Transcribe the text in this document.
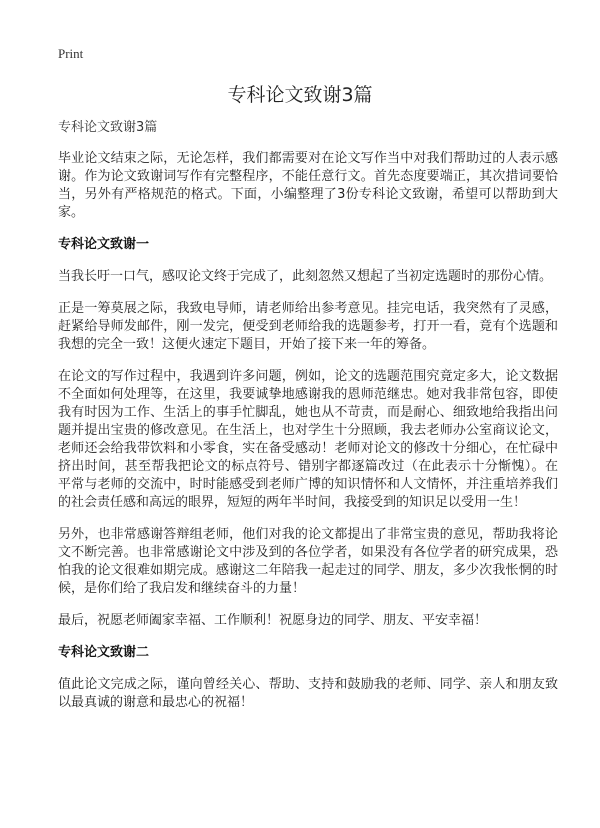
Print
专科论文致谢3篇

专科论文致谢3篇

毕业论文结束之际，无论怎样，我们都需要对在论文写作当中对我们帮助过的人表示感谢。作为论文致谢词写作有完整程序，不能任意行文。首先态度要端正，其次措词要恰当，另外有严格规范的格式。下面，小编整理了3份专科论文致谢，希望可以帮助到大家。

专科论文致谢一

当我长吁一口气，感叹论文终于完成了，此刻忽然又想起了当初定选题时的那份心情。

正是一筹莫展之际，我致电导师，请老师给出参考意见。挂完电话，我突然有了灵感，赶紧给导师发邮件，刚一发完，便受到老师给我的选题参考，打开一看，竟有个选题和我想的完全一致！这便火速定下题目，开始了接下来一年的筹备。

在论文的写作过程中，我遇到许多问题，例如，论文的选题范围究竟定多大，论文数据不全面如何处理等，在这里，我要诚挚地感谢我的恩师范继忠。她对我非常包容，即使我有时因为工作、生活上的事手忙脚乱，她也从不苛责，而是耐心、细致地给我指出问题并提出宝贵的修改意见。在生活上，也对学生十分照顾，我去老师办公室商议论文，老师还会给我带饮料和小零食，实在备受感动！老师对论文的修改十分细心，在忙碌中挤出时间，甚至帮我把论文的标点符号、错别字都逐篇改过（在此表示十分惭愧）。在平常与老师的交流中，时时能感受到老师广博的知识情怀和人文情怀，并注重培养我们的社会责任感和高远的眼界，短短的两年半时间，我接受到的知识足以受用一生！

另外，也非常感谢答辩组老师，他们对我的论文都提出了非常宝贵的意见，帮助我将论文不断完善。也非常感谢论文中涉及到的各位学者，如果没有各位学者的研究成果，恐怕我的论文很难如期完成。感谢这二年陪我一起走过的同学、朋友，多少次我怅惘的时候，是你们给了我启发和继续奋斗的力量！

最后，祝愿老师阖家幸福、工作顺利！祝愿身边的同学、朋友、平安幸福！

专科论文致谢二

值此论文完成之际，谨向曾经关心、帮助、支持和鼓励我的老师、同学、亲人和朋友致以最真诚的谢意和最忠心的祝福！
